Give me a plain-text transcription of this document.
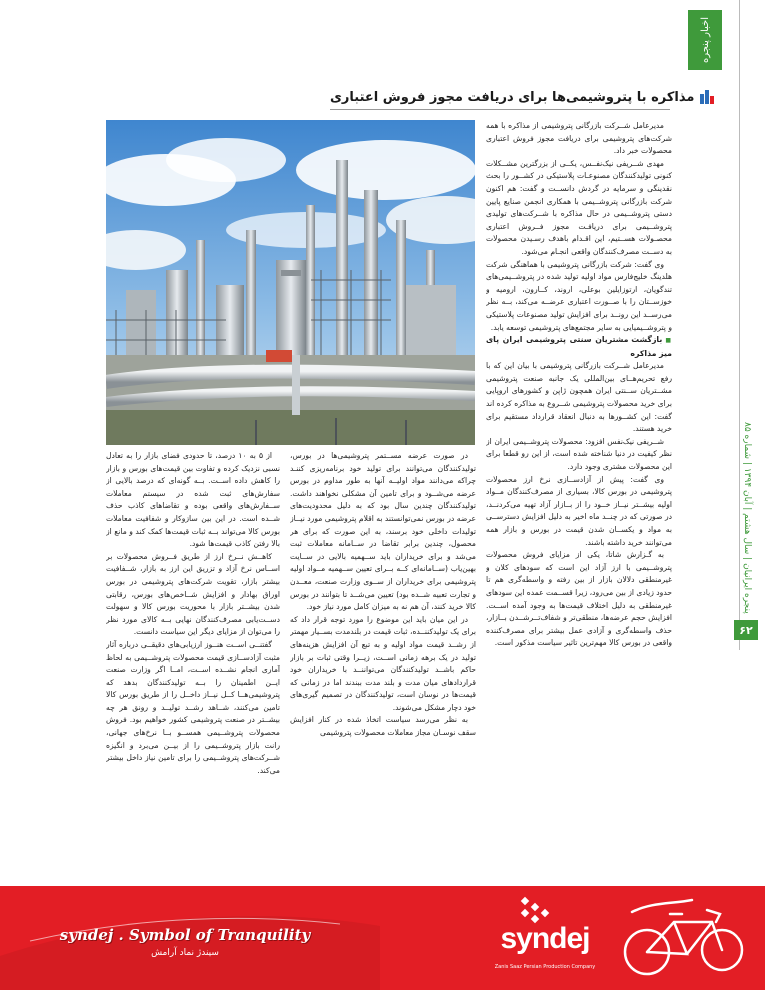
اخبار پنجره
پنجره ایرانیان | سال هشتم | آبان ۱۳۹۴ | شماره ۸۵
۶۲
مذاکره با پتروشیمی‌ها برای دریافت مجوز فروش اعتباری

مدیرعامل شــرکت بازرگانی پتروشیمی از مذاکره با همه شرکت‌های پتروشیمی برای دریافت مجوز فروش اعتباری محصولات خبر داد.

مهدی شــریفی نیک‌نفــس، یکــی از بزرگترین مشــکلات کنونی تولیدکنندگان مصنوعـات پلاستیکی در کشــور را بحث نقدینگی و سرمایه در گردش دانســت و گفت: هم اکنون شرکت بازرگانی پتروشــیمی با همکاری انجمن صنایع پایین دستی پتروشــیمی در حال مذاکره با شــرکت‌های تولیدی پتروشــیمی برای دریافـت مجوز فــروش اعتباری محصـولات هســتیم، این اقـدام باهدف رسـیدن محصولات به دســت مصرف‌کنندگان واقعی انجـام می‌شود.

وی گفت: شرکت بازرگانی پتروشیمی با هماهنگی شرکت هلدینگ خلیج‌فارس مواد اولیه تولید شده در پتروشــیمی‌های تندگویان، ارتوزایلین بوعلی، اروند، کــارون، ارومیه و خوزســتان را با صــورت اعتباری عرضــه می‌کند، بــه نظر می‌رســد این رونــد برای افزایش تولید مصنوعات پلاستیکی و پتروشــیمیایی به سایر مجتمع‌های پتروشیمی توسعه یابد.

■ بازگشت مشتریان سنتی پتروشیمی ایران پای میز مذاکره

مدیرعامل شــرکت بازرگانی پتروشیمی با بیان این که با رفع تحریم‌هــای بین‌المللی یک جانبه صنعت پتروشیمی مشــتریان ســنتی ایران همچون ژاپن و کشورهای اروپایی برای خرید محصولات پتروشیمی شــروع به مذاکره کرده اند گفت: این کشــورها به دنبال انعقاد قرارداد مستقیم برای خرید هستند.

شــریفی نیک‌نفس افزود: محصولات پتروشــیمی ایران از نظر کیفیت در دنیا شناخته شده است، از این رو قطعا برای این محصولات مشتری وجود دارد.

وی گفت: پیش از آزادســازی نرخ ارز محصولات پتروشیمی در بورس کالا، بسیاری از مصرف‌کنندگان مــواد اولیه بیشــتر نیــاز خــود را از بــازار آزاد تهیه می‌کردنــد، در صورتی که در چنــد ماه اخیر به دلیل افزایش دسترســی به مواد و یکســان شدن قیمت در بورس و بازار همه می‌توانند خرید داشته باشند.

به گـزارش شاتا، یکی از مزایای فروش محصولات پتروشــیمی با ارز آزاد این است که سودهای کلان و غیرمنطقی دلالان بازار از بین رفته و واسطه‌گری هم تا حدود زیادی از بین می‌رود، زیرا قســمت عمده این سودهای غیرمنطقی به دلیل اختلاف قیمت‌ها به وجود آمده اســت. افزایش حجم عرضه‌ها، منطقی‌تر و شفاف‌تــرشــدن بــازار، حذف واسطه‌گری و آزادی عمل بیشتر برای مصرف‌کننده واقعی در بورس کالا مهم‌ترین تاثیر سیاست مذکور است.

در صورت عرضه مســتمر پتروشیمی‌ها در بورس، تولیدکنندگان می‌توانند برای تولید خود برنامه‌ریزی کننـد چراکه می‌دانند مواد اولیــه آنها به طور مداوم در بورس عرضه می‌شــود و برای تامین آن مشکلی نخواهند داشت. تولیدکنندگان چندین سال بود که به دلیل محدودیت‌های عرضه در بورس نمی‌توانستند به اقلام پتروشیمی مورد نیــاز تولیدات داخلی خود برسند، به این صورت که برای هر محصول، چندین برابر تقاضا در ســامانه معاملات ثبت می‌شد و برای خریداران باید ســهمیه بالایی در ســایت بهین‌یاب (ســامانه‌ای کــه بــرای تعیین ســهمیه مــواد اولیه پتروشیمی برای خریداران از ســوی وزارت صنعت، معــدن و تجارت تعبیه شــده بود) تعیین می‌شــد تا بتوانند در بورس کالا خرید کنند، آن هم نه به میزان کامل مورد نیاز خود.

در این میان باید این موضوع را مورد توجه قرار داد که برای یک تولیدکننــده، ثبات قیمت در بلندمدت بســیار مهمتر از رشــد قیمت مواد اولیه و به تبع آن افزایش هزینه‌های تولید در یک برهه زمانی اســت، زیــرا وقتی ثبات بر بازار حاکم باشــد تولیدکنندگان می‌تواننــد با خریداران خود قراردادهای میان مدت و بلند مدت ببندند اما در زمانی که قیمت‌ها در نوسان است، تولیدکنندگان در تصمیم گیری‌های خود دچار مشکل می‌شوند.

به نظر می‌رسد سیاست اتخاذ شده در کنار افزایش سقف نوسـان مجاز معاملات محصولات پتروشیمی

از ۵ به ۱۰ درصد، تا حدودی فضای بازار را به تعادل نسبی نزدیک کرده و تفاوت بین قیمت‌های بورس و بازار را کاهش داده اســت. بــه گونه‌ای که درصد بالایی از سفارش‌های ثبت شده در سیستم معاملات ســفارش‌های واقعی بوده و تقاضاهای کاذب حذف شــده است. در این بین سازوکار و شفافیت معاملات بورس کالا می‌تواند بــه ثبات قیمت‌ها کمک کند و مانع از بالا رفتن کاذب قیمت‌ها شود.

کاهــش نــرخ ارز از طریق فــروش محصولات بر اســاس نرخ آزاد و تزریق این ارز به بازار، شــفافیت بیشتر بازار، تقویت شرکت‌های پتروشیمی در بورس اوراق بهادار و افزایش شــاخص‌های بورس، رقابتی شدن بیشــتر بازار با محوریت بورس کالا و سهولت دســت‌یابی مصرف‌کنندگان نهایی بــه کالای مورد نظر را می‌توان از مزایای دیگر این سیاست دانست.

گفتنــی اســت هنــوز ارزیابی‌های دقیقــی درباره آثار مثبت آزادســازی قیمت محصولات پتروشــیمی به لحاظ آماری انجام نشــده اســت، امــا اگر وزارت صنعت ایــن اطمینان را بــه تولیدکنندگان بدهد که پتروشیمی‌هــا کــل نیــاز داخــل را از طریق بورس کالا تامین می‌کنند، شــاهد رشــد تولیــد و رونق هر چه بیشــتر در صنعت پتروشیمی کشور خواهیم بود. فروش محصولات پتروشــیمی همســو بــا نرخ‌های جهانی، رانت بازار پتروشــیمی را از بیــن می‌برد و انگیزه شــرکت‌های پتروشــیمی را برای تامین نیاز داخل بیشتر می‌کند.

syndej . Symbol of Tranquility
سیندژ نماد آرامش	syndej
Zanis Saaz Persian Production Company
